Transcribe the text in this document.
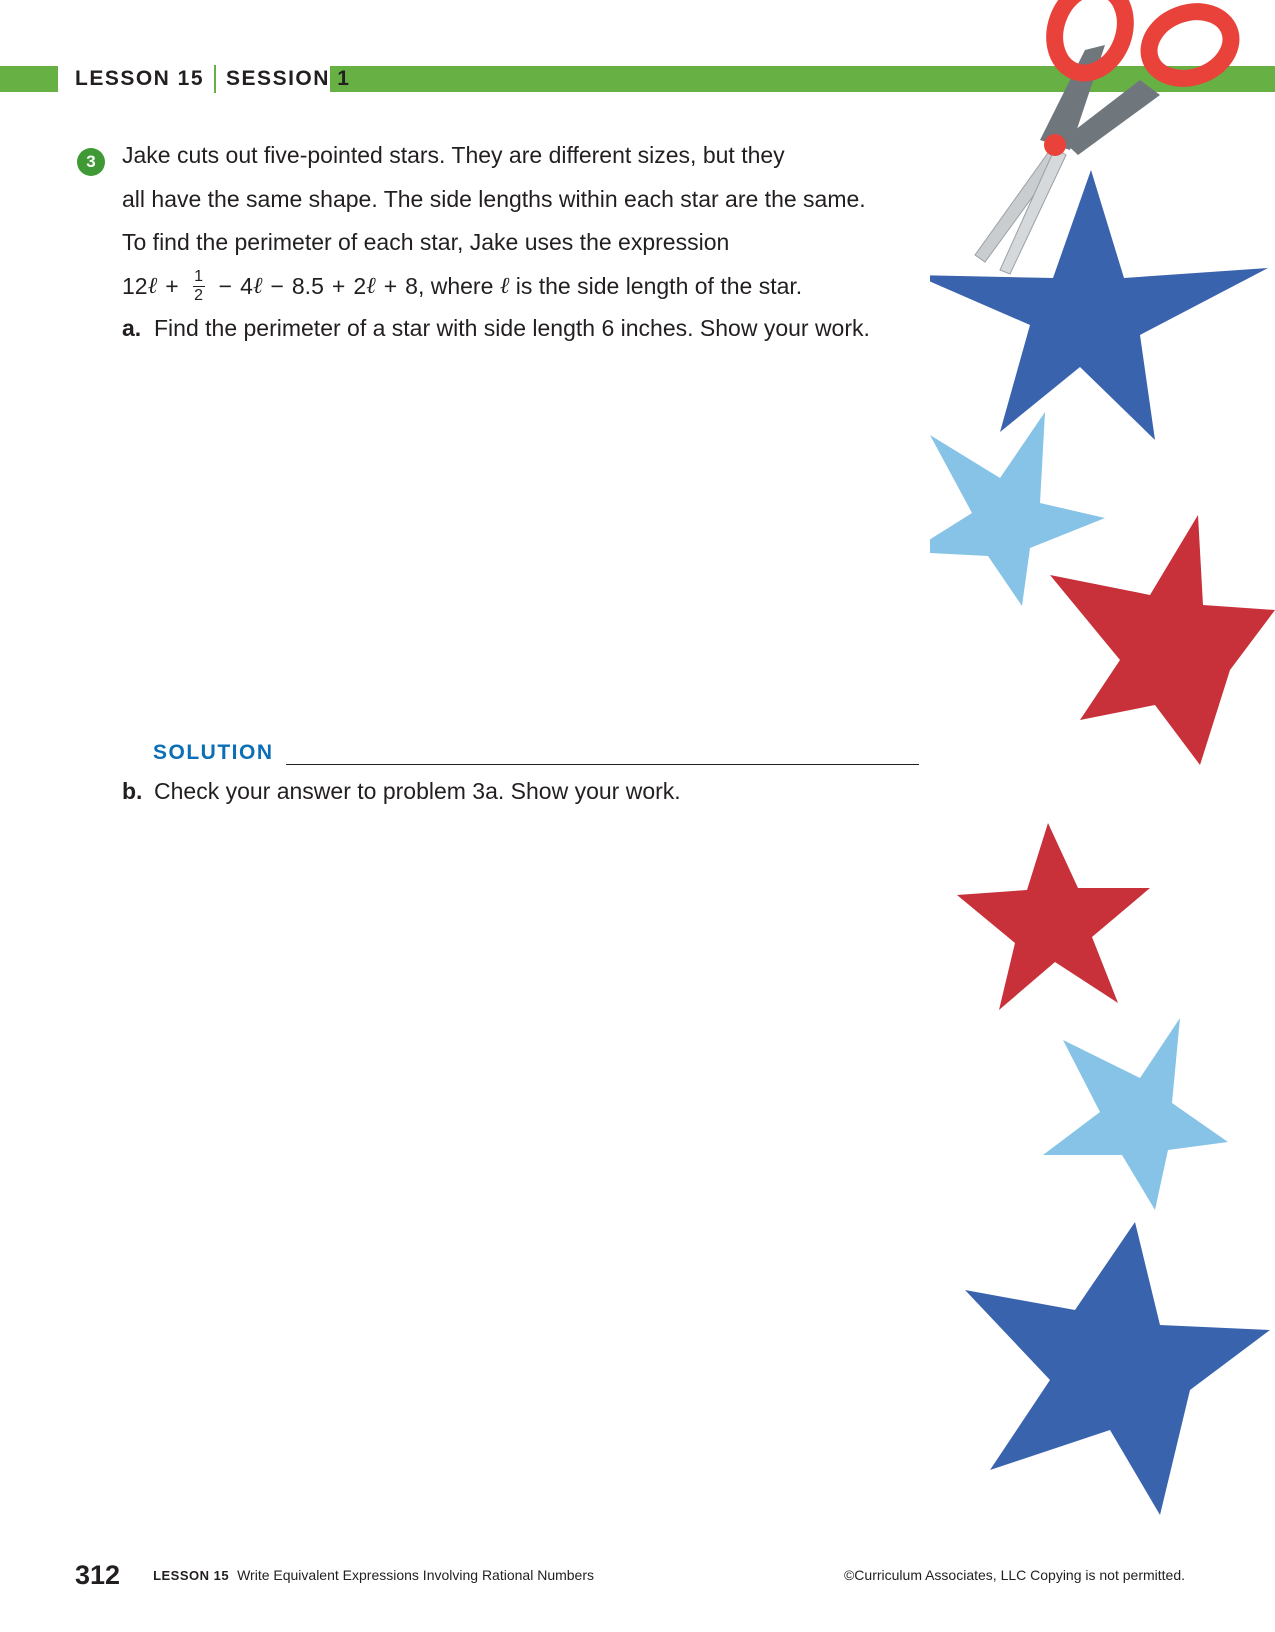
LESSON 15 SESSION 1
3	Jake cuts out five-pointed stars. They are different sizes, but they
all have the same shape. The side lengths within each star are the same.
To find the perimeter of each star, Jake uses the expression
12 ℓ + $\frac{1}{2} - 4$ ℓ − 8.5 + 2 ℓ + 8 , where
ℓ
is the side length of the star.
a. Find the perimeter of a star with side length 6 inches. Show your work.
SOLUTION
b. Check your answer to problem 3a. Show your work.
312	LESSON 15 Write Equivalent Expressions Involving Rational Numbers	©Curriculum Associates, LLC Copying is not permitted.
